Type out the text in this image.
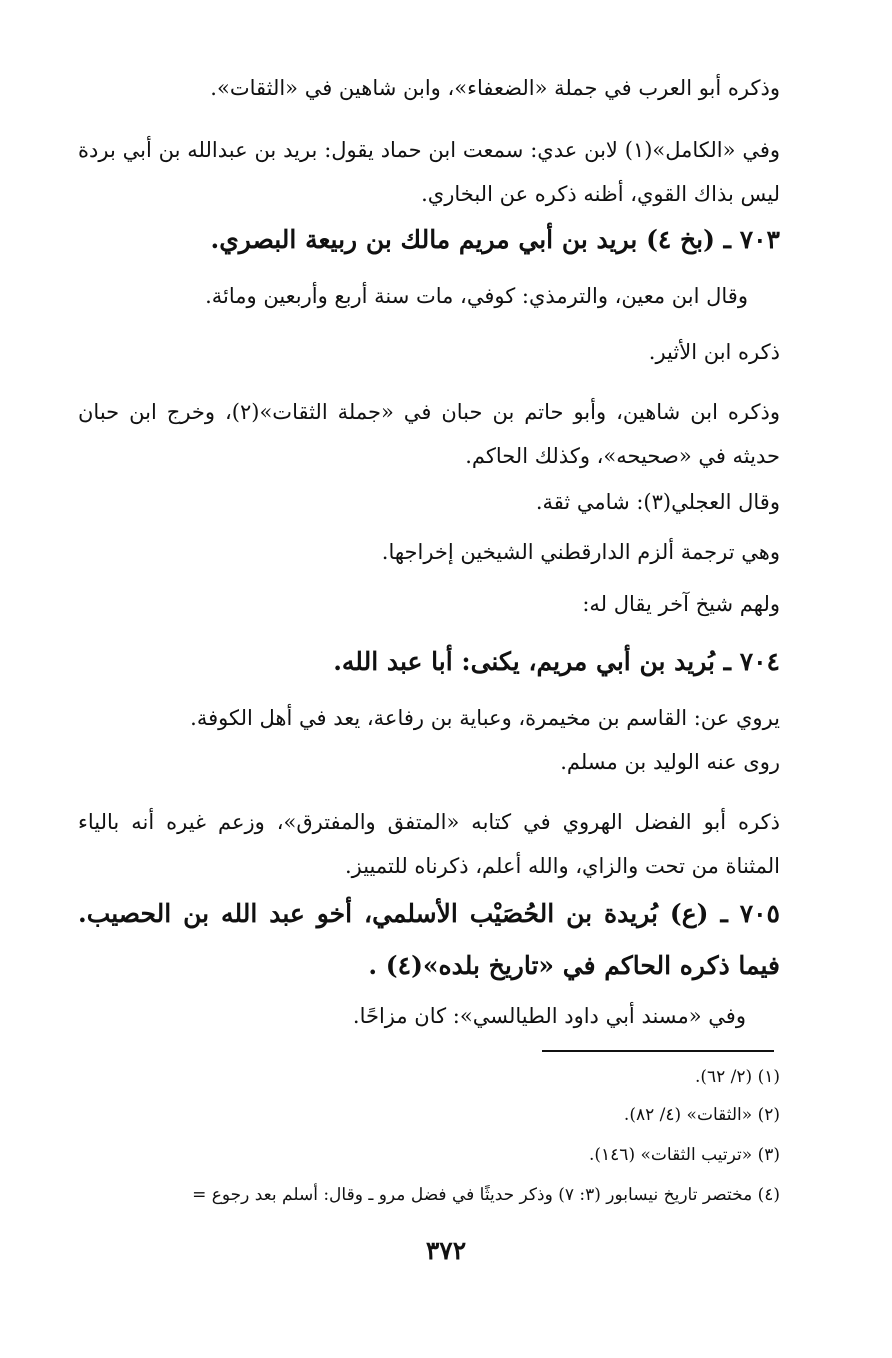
وذكره أبو العرب في جملة «الضعفاء»، وابن شاهين في «الثقات».

وفي «الكامل»(١) لابن عدي: سمعت ابن حماد يقول: بريد بن عبدالله بن أبي بردة ليس بذاك القوي، أظنه ذكره عن البخاري.

٧٠٣ ـ (بخ ٤) بريد بن أبي مريم مالك بن ربيعة البصري.

وقال ابن معين، والترمذي: كوفي، مات سنة أربع وأربعين ومائة.

ذكره ابن الأثير.

وذكره ابن شاهين، وأبو حاتم بن حبان في «جملة الثقات»(٢)، وخرج ابن حبان حديثه في «صحيحه»، وكذلك الحاكم.

وقال العجلي(٣): شامي ثقة.

وهي ترجمة ألزم الدارقطني الشيخين إخراجها.

ولهم شيخ آخر يقال له:

٧٠٤ ـ بُريد بن أبي مريم، يكنى: أبا عبد الله.

يروي عن: القاسم بن مخيمرة، وعباية بن رفاعة، يعد في أهل الكوفة.

روى عنه الوليد بن مسلم.

ذكره أبو الفضل الهروي في كتابه «المتفق والمفترق»، وزعم غيره أنه بالياء المثناة من تحت والزاي، والله أعلم، ذكرناه للتمييز.

٧٠٥ ـ (ع) بُريدة بن الحُصَيْب الأسلمي، أخو عبد الله بن الحصيب. فيما ذكره الحاكم في «تاريخ بلده»(٤) .

وفي «مسند أبي داود الطيالسي»: كان مزاحًا.

(١) (٢/ ٦٢).

(٢) «الثقات» (٤/ ٨٢).

(٣) «ترتيب الثقات» (١٤٦).

(٤) مختصر تاريخ نيسابور (٣: ٧) وذكر حديثًا في فضل مرو ـ وقال: أسلم بعد رجوع =

٣٧٢
